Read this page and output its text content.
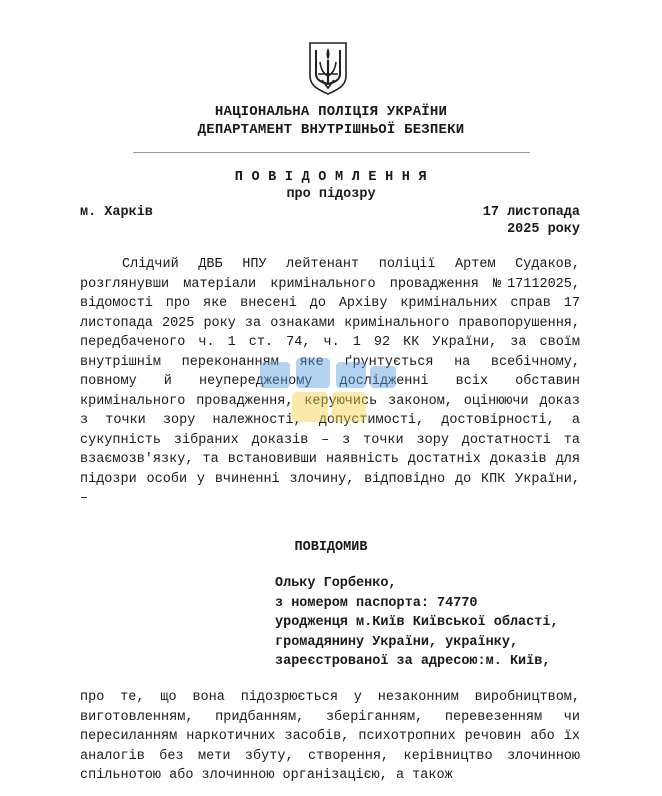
НАЦІОНАЛЬНА ПОЛІЦІЯ УКРАЇНИ
ДЕПАРТАМЕНТ ВНУТРІШНЬОЇ БЕЗПЕКИ
ПОВІДОМЛЕННЯ
про підозру
м. Харків	17 листопада
2025 року
Слідчий ДВБ НПУ лейтенант поліції Артем Судаков, розглянувши матеріали кримінального провадження №17112025, відомості про яке внесені до Архіву кримінальних справ 17 листопада 2025 року за ознаками кримінального правопорушення, передбаченого ч. 1 ст. 74, ч. 1 92 КК України, за своїм внутрішнім переконанням яке ґрунтується на всебічному, повному й неупередженому дослідженні всіх обставин кримінального провадження, керуючись законом, оцінюючи доказ з точки зору належності, допустимості, достовірності, а сукупність зібраних доказів – з точки зору достатності та взаємозв'язку, та встановивши наявність достатніх доказів для підозри особи у вчиненні злочину, відповідно до КПК України, –
ПОВІДОМИВ
Ольку Горбенко,
з номером паспорта: 74770
уродженця м.Київ Київської області,
громадянину України, українку,
зареєстрованої за адресою:м. Київ,
про те, що вона підозрюється у незаконним виробництвом, виготовленням, придбанням, зберіганням, перевезенням чи пересиланням наркотичних засобів, психотропних речовин або їх аналогів без мети збуту, створення, керівництво злочинною спільнотою або злочинною організацією, а також
